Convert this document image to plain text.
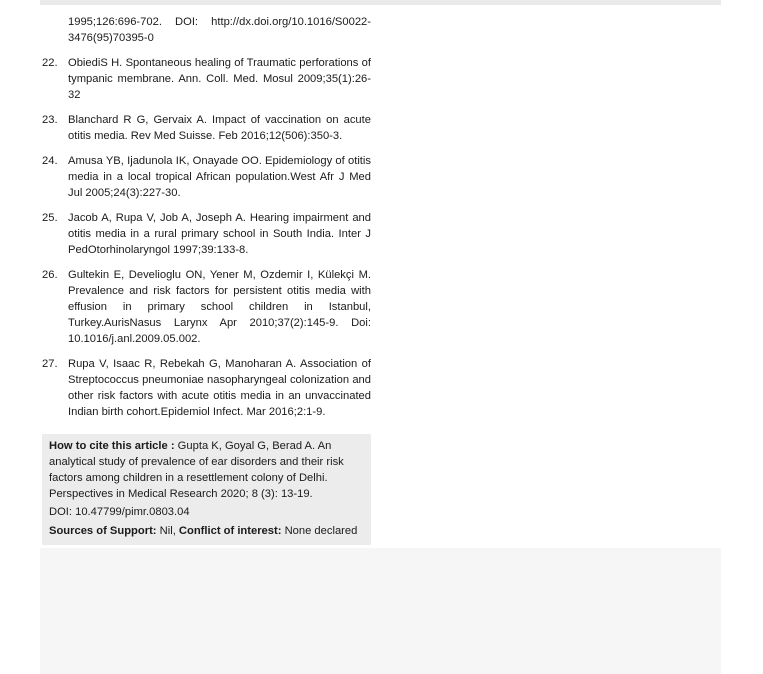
1995;126:696-702. DOI: http://dx.doi.org/10.1016/S0022-3476(95)70395-0
22. ObiediS H. Spontaneous healing of Traumatic perforations of tympanic membrane. Ann. Coll. Med. Mosul 2009;35(1):26-32
23. Blanchard R G, Gervaix A. Impact of vaccination on acute otitis media. Rev Med Suisse. Feb 2016;12(506):350-3.
24. Amusa YB, Ijadunola IK, Onayade OO. Epidemiology of otitis media in a local tropical African population.West Afr J Med Jul 2005;24(3):227-30.
25. Jacob A, Rupa V, Job A, Joseph A. Hearing impairment and otitis media in a rural primary school in South India. Inter J PedOtorhinolaryngol 1997;39:133-8.
26. Gultekin E, Develioglu ON, Yener M, Ozdemir I, Külekçi M. Prevalence and risk factors for persistent otitis media with effusion in primary school children in Istanbul, Turkey.AurisNasus Larynx Apr 2010;37(2):145-9. Doi: 10.1016/j.anl.2009.05.002.
27. Rupa V, Isaac R, Rebekah G, Manoharan A. Association of Streptococcus pneumoniae nasopharyngeal colonization and other risk factors with acute otitis media in an unvaccinated Indian birth cohort.Epidemiol Infect. Mar 2016;2:1-9.
How to cite this article : Gupta K, Goyal G, Berad A. An analytical study of prevalence of ear disorders and their risk factors among children in a resettlement colony of Delhi. Perspectives in Medical Research 2020; 8 (3): 13-19.
DOI: 10.47799/pimr.0803.04
Sources of Support: Nil, Conflict of interest: None declared
